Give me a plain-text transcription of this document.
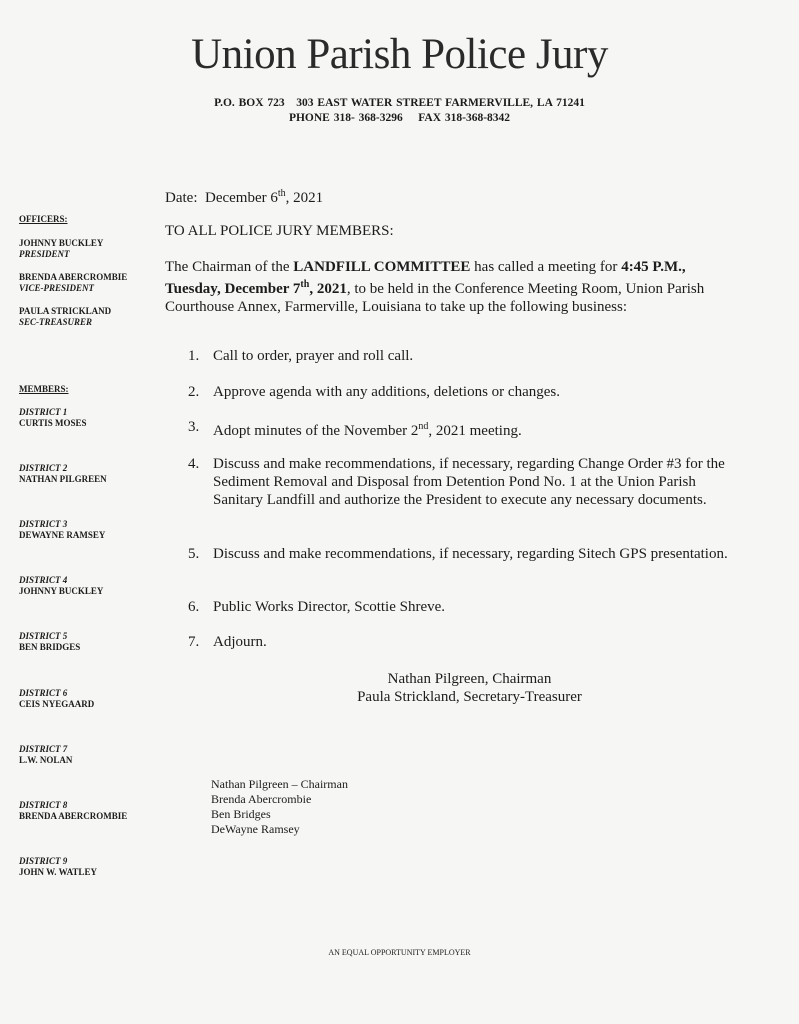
Union Parish Police Jury
P.O. BOX 723   303 EAST WATER STREET FARMERVILLE, LA 71241
PHONE 318- 368-3296    FAX 318-368-8342
OFFICERS:
JOHNNY BUCKLEY
PRESIDENT
BRENDA ABERCROMBIE
VICE-PRESIDENT
PAULA STRICKLAND
SEC-TREASURER
MEMBERS:
DISTRICT 1
CURTIS MOSES
DISTRICT 2
NATHAN PILGREEN
DISTRICT 3
DEWAYNE RAMSEY
DISTRICT 4
JOHNNY BUCKLEY
DISTRICT 5
BEN BRIDGES
DISTRICT 6
CEIS NYEGAARD
DISTRICT 7
L.W. NOLAN
DISTRICT 8
BRENDA ABERCROMBIE
DISTRICT 9
JOHN W. WATLEY
Date: December 6th, 2021
TO ALL POLICE JURY MEMBERS:
The Chairman of the LANDFILL COMMITTEE has called a meeting for 4:45 P.M., Tuesday, December 7th, 2021, to be held in the Conference Meeting Room, Union Parish Courthouse Annex, Farmerville, Louisiana to take up the following business:
1. Call to order, prayer and roll call.
2. Approve agenda with any additions, deletions or changes.
3. Adopt minutes of the November 2nd, 2021 meeting.
4. Discuss and make recommendations, if necessary, regarding Change Order #3 for the Sediment Removal and Disposal from Detention Pond No. 1 at the Union Parish Sanitary Landfill and authorize the President to execute any necessary documents.
5. Discuss and make recommendations, if necessary, regarding Sitech GPS presentation.
6. Public Works Director, Scottie Shreve.
7. Adjourn.
Nathan Pilgreen, Chairman
Paula Strickland, Secretary-Treasurer
Nathan Pilgreen – Chairman
Brenda Abercrombie
Ben Bridges
DeWayne Ramsey
AN EQUAL OPPORTUNITY EMPLOYER
